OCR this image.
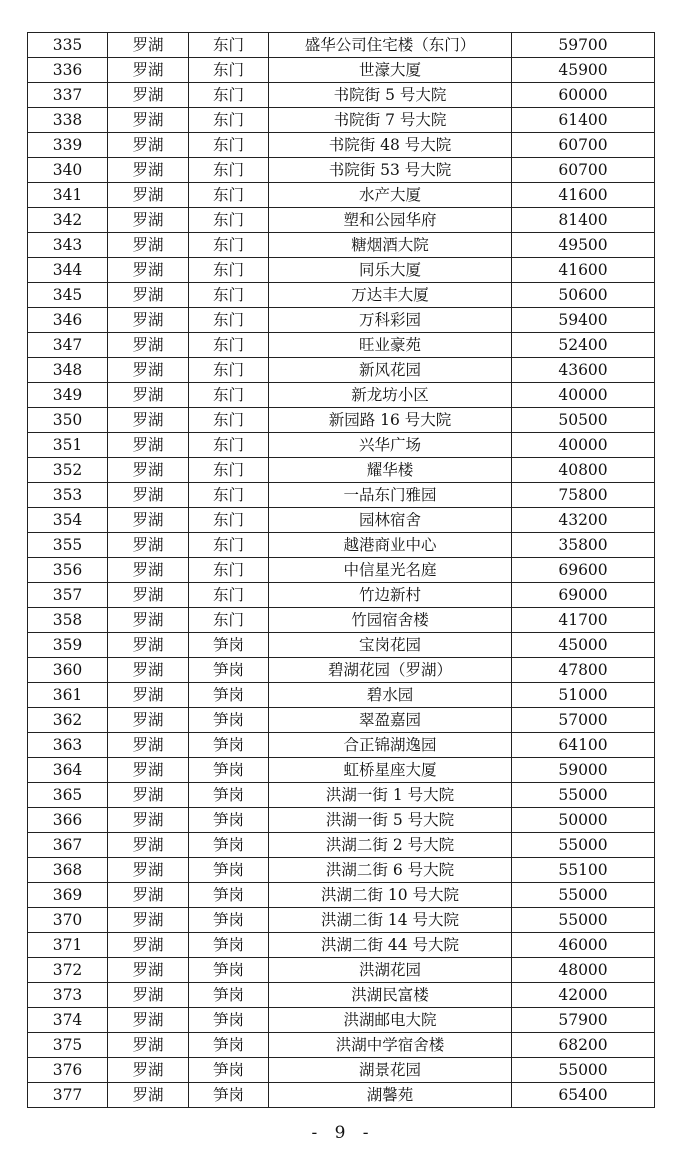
335	罗湖	东门	盛华公司住宅楼（东门）	59700
336	罗湖	东门	世濠大厦	45900
337	罗湖	东门	书院街 5 号大院	60000
338	罗湖	东门	书院街 7 号大院	61400
339	罗湖	东门	书院街 48 号大院	60700
340	罗湖	东门	书院街 53 号大院	60700
341	罗湖	东门	水产大厦	41600
342	罗湖	东门	塑和公园华府	81400
343	罗湖	东门	糖烟酒大院	49500
344	罗湖	东门	同乐大厦	41600
345	罗湖	东门	万达丰大厦	50600
346	罗湖	东门	万科彩园	59400
347	罗湖	东门	旺业豪苑	52400
348	罗湖	东门	新风花园	43600
349	罗湖	东门	新龙坊小区	40000
350	罗湖	东门	新园路 16 号大院	50500
351	罗湖	东门	兴华广场	40000
352	罗湖	东门	耀华楼	40800
353	罗湖	东门	一品东门雅园	75800
354	罗湖	东门	园林宿舍	43200
355	罗湖	东门	越港商业中心	35800
356	罗湖	东门	中信星光名庭	69600
357	罗湖	东门	竹边新村	69000
358	罗湖	东门	竹园宿舍楼	41700
359	罗湖	笋岗	宝岗花园	45000
360	罗湖	笋岗	碧湖花园（罗湖）	47800
361	罗湖	笋岗	碧水园	51000
362	罗湖	笋岗	翠盈嘉园	57000
363	罗湖	笋岗	合正锦湖逸园	64100
364	罗湖	笋岗	虹桥星座大厦	59000
365	罗湖	笋岗	洪湖一街 1 号大院	55000
366	罗湖	笋岗	洪湖一街 5 号大院	50000
367	罗湖	笋岗	洪湖二街 2 号大院	55000
368	罗湖	笋岗	洪湖二街 6 号大院	55100
369	罗湖	笋岗	洪湖二街 10 号大院	55000
370	罗湖	笋岗	洪湖二街 14 号大院	55000
371	罗湖	笋岗	洪湖二街 44 号大院	46000
372	罗湖	笋岗	洪湖花园	48000
373	罗湖	笋岗	洪湖民富楼	42000
374	罗湖	笋岗	洪湖邮电大院	57900
375	罗湖	笋岗	洪湖中学宿舍楼	68200
376	罗湖	笋岗	湖景花园	55000
377	罗湖	笋岗	湖馨苑	65400
- 9 -
